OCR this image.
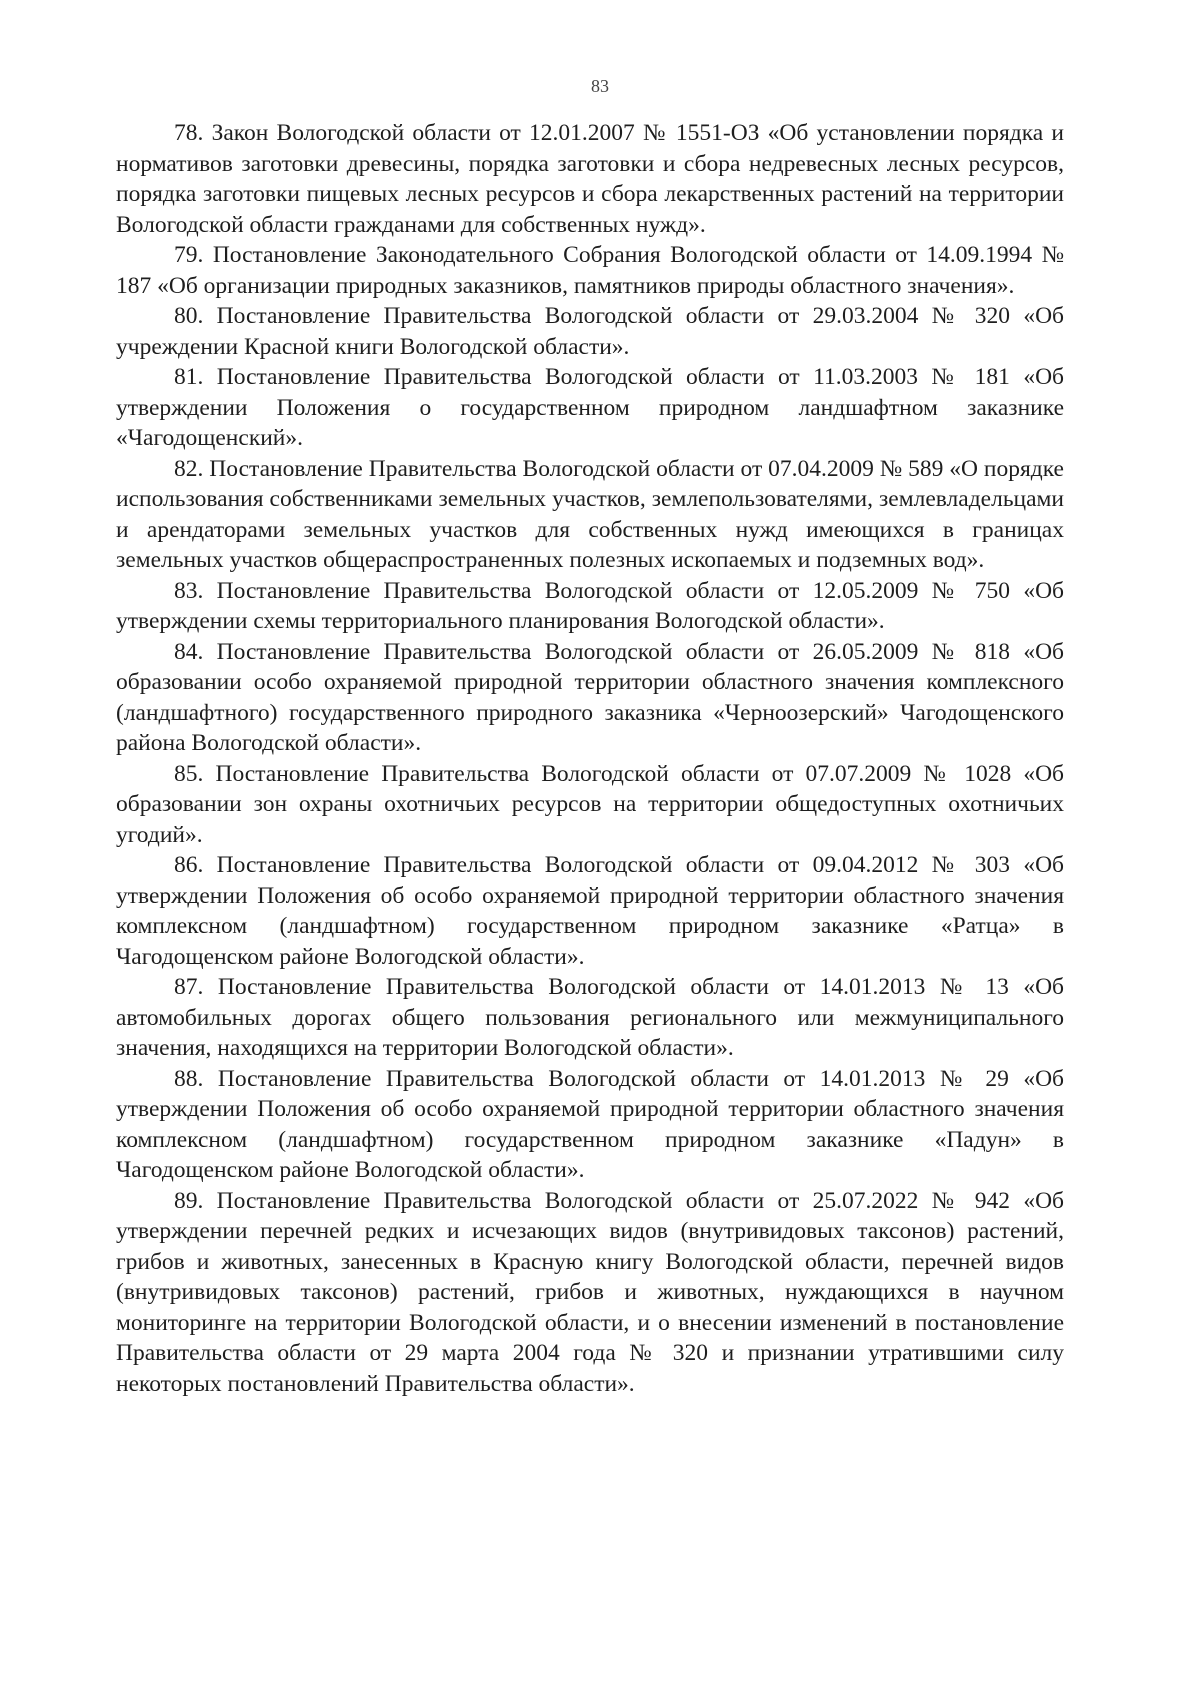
83

78. Закон Вологодской области от 12.01.2007 № 1551-ОЗ «Об установлении порядка и нормативов заготовки древесины, порядка заготовки и сбора недревесных лесных ресурсов, порядка заготовки пищевых лесных ресурсов и сбора лекарственных растений на территории Вологодской области гражданами для собственных нужд».

79. Постановление Законодательного Собрания Вологодской области от 14.09.1994 № 187 «Об организации природных заказников, памятников природы областного значения».

80. Постановление Правительства Вологодской области от 29.03.2004 № 320 «Об учреждении Красной книги Вологодской области».

81. Постановление Правительства Вологодской области от 11.03.2003 № 181 «Об утверждении Положения о государственном природном ландшафтном заказнике «Чагодощенский».

82. Постановление Правительства Вологодской области от 07.04.2009 № 589 «О порядке использования собственниками земельных участков, землепользователями, землевладельцами и арендаторами земельных участков для собственных нужд имеющихся в границах земельных участков общераспространенных полезных ископаемых и подземных вод».

83. Постановление Правительства Вологодской области от 12.05.2009 № 750 «Об утверждении схемы территориального планирования Вологодской области».

84. Постановление Правительства Вологодской области от 26.05.2009 № 818 «Об образовании особо охраняемой природной территории областного значения комплексного (ландшафтного) государственного природного заказника «Черноозерский» Чагодощенского района Вологодской области».

85. Постановление Правительства Вологодской области от 07.07.2009 № 1028 «Об образовании зон охраны охотничьих ресурсов на территории общедоступных охотничьих угодий».

86. Постановление Правительства Вологодской области от 09.04.2012 № 303 «Об утверждении Положения об особо охраняемой природной территории областного значения комплексном (ландшафтном) государственном природном заказнике «Ратца» в Чагодощенском районе Вологодской области».

87. Постановление Правительства Вологодской области от 14.01.2013 № 13 «Об автомобильных дорогах общего пользования регионального или межмуниципального значения, находящихся на территории Вологодской области».

88. Постановление Правительства Вологодской области от 14.01.2013 № 29 «Об утверждении Положения об особо охраняемой природной территории областного значения комплексном (ландшафтном) государственном природном заказнике «Падун» в Чагодощенском районе Вологодской области».

89. Постановление Правительства Вологодской области от 25.07.2022 № 942 «Об утверждении перечней редких и исчезающих видов (внутривидовых таксонов) растений, грибов и животных, занесенных в Красную книгу Вологодской области, перечней видов (внутривидовых таксонов) растений, грибов и животных, нуждающихся в научном мониторинге на территории Вологодской области, и о внесении изменений в постановление Правительства области от 29 марта 2004 года № 320 и признании утратившими силу некоторых постановлений Правительства области».
